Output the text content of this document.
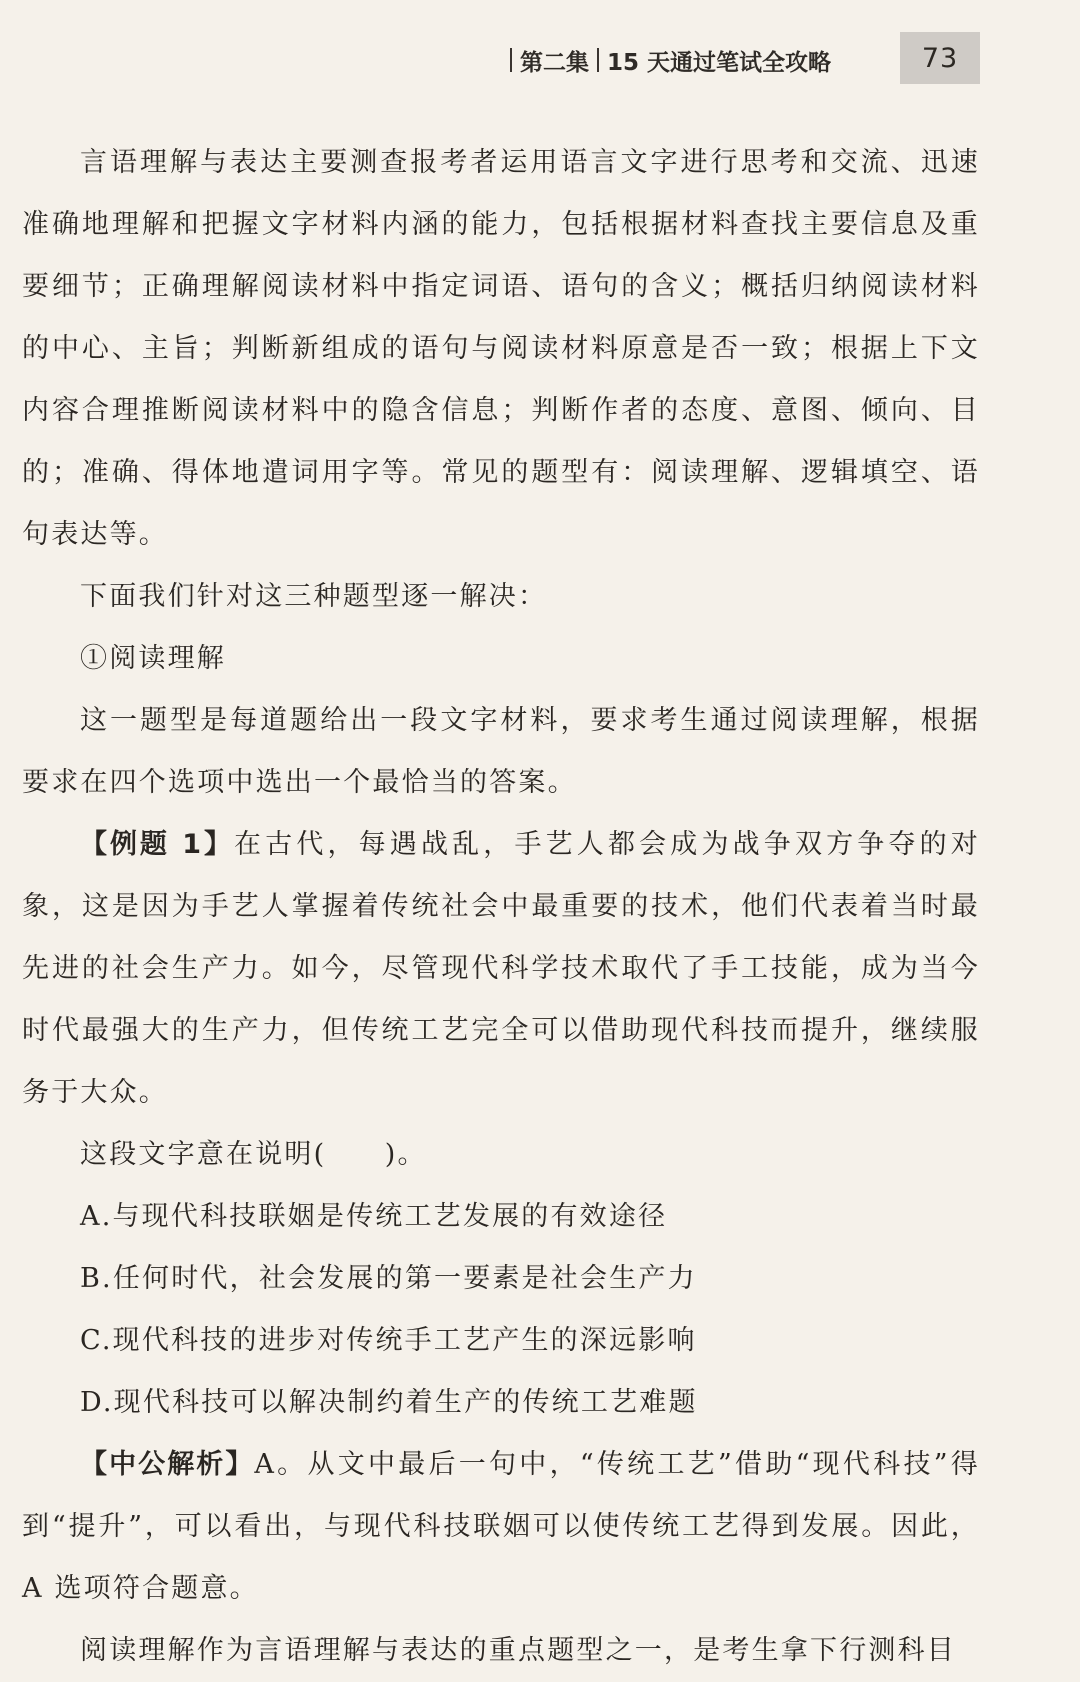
第二集 15 天通过笔试全攻略	73

言语理解与表达主要测查报考者运用语言文字进行思考和交流、迅速准确地理解和把握文字材料内涵的能力，包括根据材料查找主要信息及重要细节；正确理解阅读材料中指定词语、语句的含义；概括归纳阅读材料的中心、主旨；判断新组成的语句与阅读材料原意是否一致；根据上下文内容合理推断阅读材料中的隐含信息；判断作者的态度、意图、倾向、目的；准确、得体地遣词用字等。常见的题型有：阅读理解、逻辑填空、语句表达等。

下面我们针对这三种题型逐一解决：

①阅读理解

这一题型是每道题给出一段文字材料，要求考生通过阅读理解，根据要求在四个选项中选出一个最恰当的答案。

【例题 1】在古代，每遇战乱，手艺人都会成为战争双方争夺的对象，这是因为手艺人掌握着传统社会中最重要的技术，他们代表着当时最先进的社会生产力。如今，尽管现代科学技术取代了手工技能，成为当今时代最强大的生产力，但传统工艺完全可以借助现代科技而提升，继续服务于大众。

这段文字意在说明(　　)。

A.与现代科技联姻是传统工艺发展的有效途径

B.任何时代，社会发展的第一要素是社会生产力

C.现代科技的进步对传统手工艺产生的深远影响

D.现代科技可以解决制约着生产的传统工艺难题

【中公解析】A。从文中最后一句中，“传统工艺”借助“现代科技”得到“提升”，可以看出，与现代科技联姻可以使传统工艺得到发展。因此，A 选项符合题意。

阅读理解作为言语理解与表达的重点题型之一，是考生拿下行测科目
